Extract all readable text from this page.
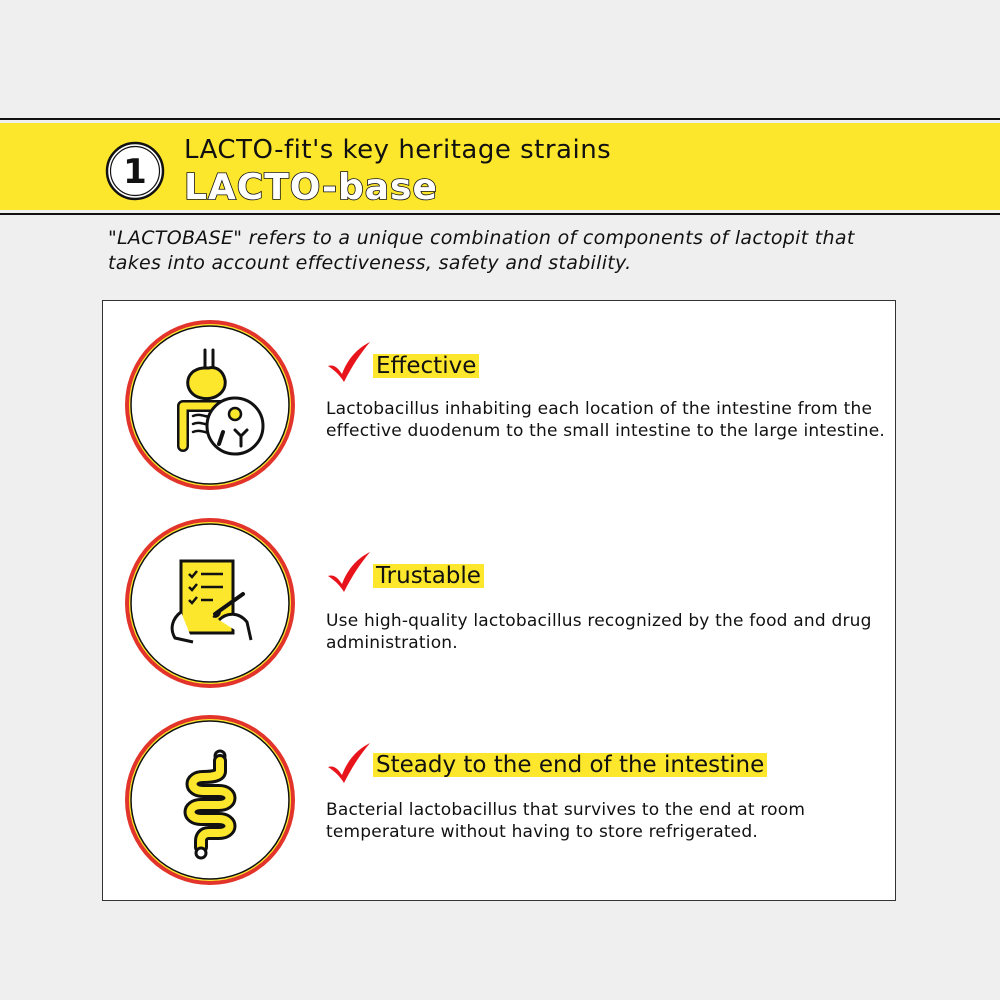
1
LACTO-fit's key heritage strains
LACTO-base
"LACTOBASE" refers to a unique combination of components of lactopit that takes into account effectiveness, safety and stability.
Effective
Lactobacillus inhabiting each location of the intestine from the effective duodenum to the small intestine to the large intestine.
Trustable
Use high-quality lactobacillus recognized by the food and drug administration.
Steady to the end of the intestine
Bacterial lactobacillus that survives to the end at room temperature without having to store refrigerated.
